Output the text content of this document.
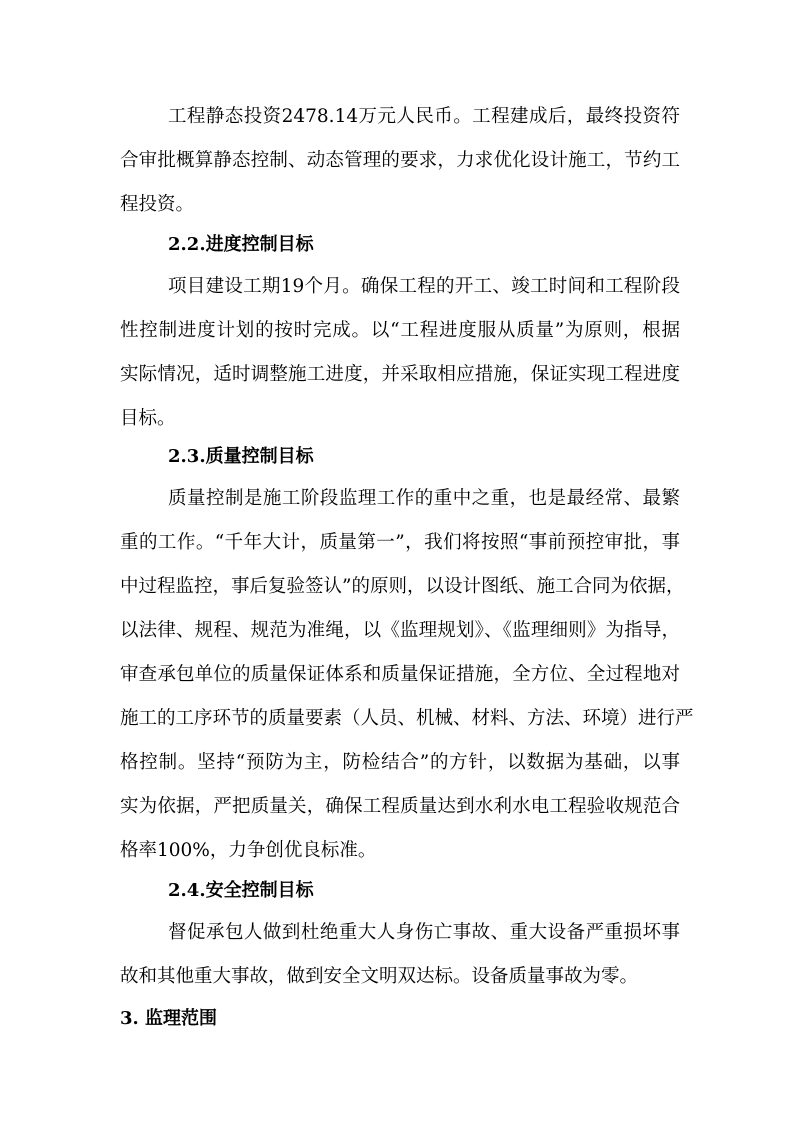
工程静态投资2478.14万元人民币。工程建成后，最终投资符
合审批概算静态控制、动态管理的要求，力求优化设计施工，节约工
程投资。
2.2.进度控制目标
项目建设工期19个月。确保工程的开工、竣工时间和工程阶段
性控制进度计划的按时完成。以“工程进度服从质量”为原则，根据
实际情况，适时调整施工进度，并采取相应措施，保证实现工程进度
目标。
2.3.质量控制目标
质量控制是施工阶段监理工作的重中之重，也是最经常、最繁
重的工作。“千年大计，质量第一”，我们将按照“事前预控审批，事
中过程监控，事后复验签认”的原则，以设计图纸、施工合同为依据，
以法律、规程、规范为准绳，以《监理规划》、《监理细则》为指导，
审查承包单位的质量保证体系和质量保证措施，全方位、全过程地对
施工的工序环节的质量要素（人员、机械、材料、方法、环境）进行严
格控制。坚持“预防为主，防检结合”的方针，以数据为基础，以事
实为依据，严把质量关，确保工程质量达到水利水电工程验收规范合
格率100%，力争创优良标准。
2.4.安全控制目标
督促承包人做到杜绝重大人身伤亡事故、重大设备严重损坏事
故和其他重大事故，做到安全文明双达标。设备质量事故为零。
3. 监理范围
